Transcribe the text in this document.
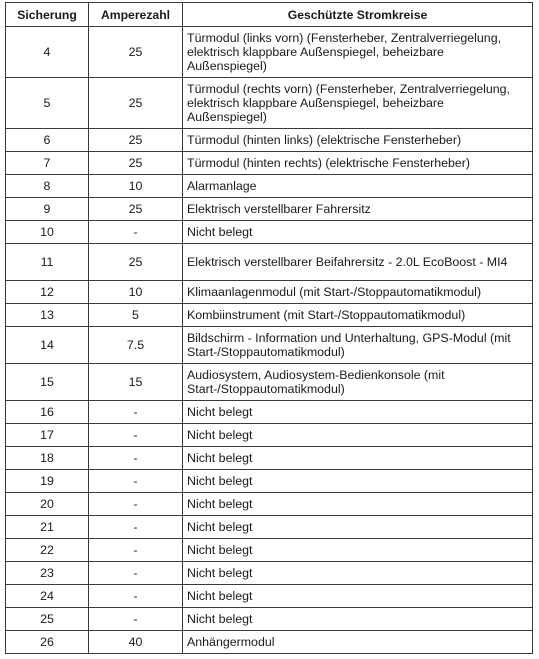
Sicherung	Amperezahl	Geschützte Stromkreise
4	25	Türmodul (links vorn) (Fensterheber, Zentralverriegelung, elektrisch klappbare Außenspiegel, beheizbare Außenspiegel)
5	25	Türmodul (rechts vorn) (Fensterheber, Zentralverriegelung, elektrisch klappbare Außenspiegel, beheizbare Außenspiegel)
6	25	Türmodul (hinten links) (elektrische Fensterheber)
7	25	Türmodul (hinten rechts) (elektrische Fensterheber)
8	10	Alarmanlage
9	25	Elektrisch verstellbarer Fahrersitz
10	-	Nicht belegt
11	25	Elektrisch verstellbarer Beifahrersitz - 2.0L EcoBoost - MI4
12	10	Klimaanlagenmodul (mit Start-/Stoppautomatikmodul)
13	5	Kombiinstrument (mit Start-/Stoppautomatikmodul)
14	7.5	Bildschirm - Information und Unterhaltung, GPS-Modul (mit Start-/Stoppautomatikmodul)
15	15	Audiosystem, Audiosystem-Bedienkonsole (mit Start-/Stoppautomatikmodul)
16	-	Nicht belegt
17	-	Nicht belegt
18	-	Nicht belegt
19	-	Nicht belegt
20	-	Nicht belegt
21	-	Nicht belegt
22	-	Nicht belegt
23	-	Nicht belegt
24	-	Nicht belegt
25	-	Nicht belegt
26	40	Anhängermodul
